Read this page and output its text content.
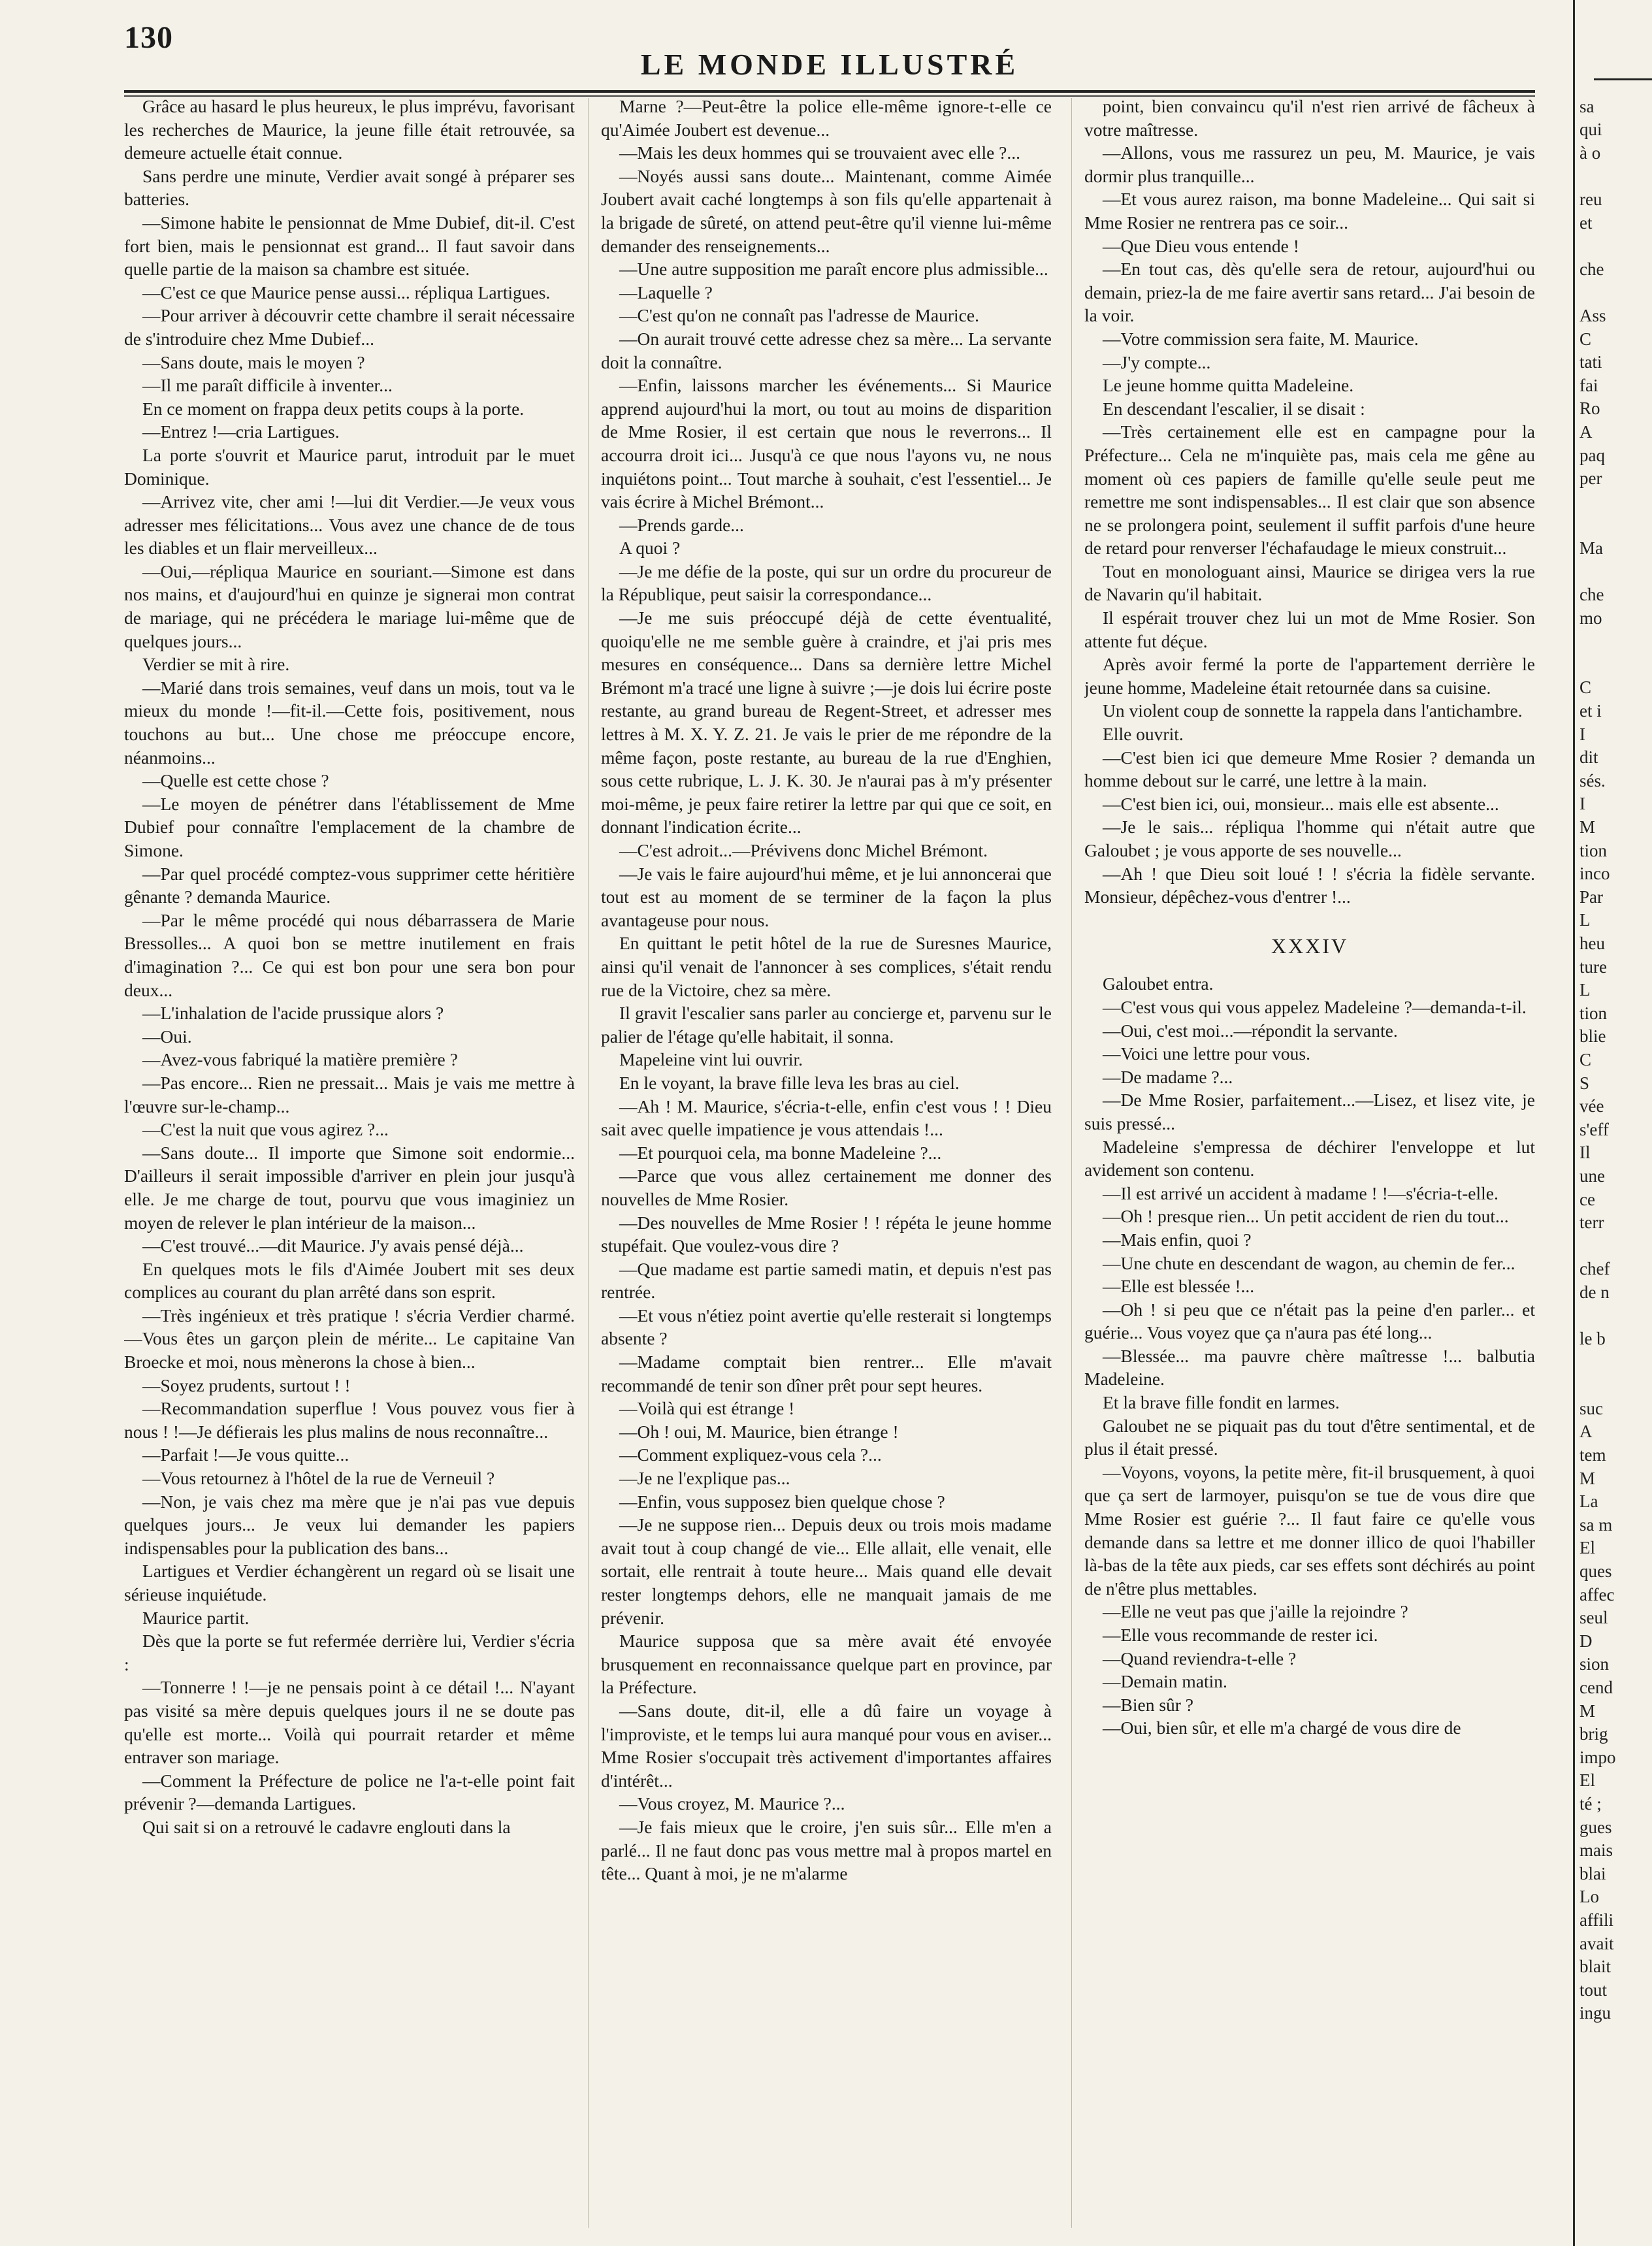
130
LE MONDE ILLUSTRÉ

Grâce au hasard le plus heureux, le plus imprévu, favorisant les recherches de Maurice, la jeune fille était retrouvée, sa demeure actuelle était connue.

Sans perdre une minute, Verdier avait songé à préparer ses batteries.

—Simone habite le pensionnat de Mme Dubief, dit-il. C'est fort bien, mais le pensionnat est grand... Il faut savoir dans quelle partie de la maison sa chambre est située.

—C'est ce que Maurice pense aussi... répliqua Lartigues.

—Pour arriver à découvrir cette chambre il serait nécessaire de s'introduire chez Mme Dubief...

—Sans doute, mais le moyen ?

—Il me paraît difficile à inventer...

En ce moment on frappa deux petits coups à la porte.

—Entrez !—cria Lartigues.

La porte s'ouvrit et Maurice parut, introduit par le muet Dominique.

—Arrivez vite, cher ami !—lui dit Verdier.—Je veux vous adresser mes félicitations... Vous avez une chance de de tous les diables et un flair merveilleux...

—Oui,—répliqua Maurice en souriant.—Simone est dans nos mains, et d'aujourd'hui en quinze je signerai mon contrat de mariage, qui ne précédera le mariage lui-même que de quelques jours...

Verdier se mit à rire.

—Marié dans trois semaines, veuf dans un mois, tout va le mieux du monde !—fit-il.—Cette fois, positivement, nous touchons au but... Une chose me préoccupe encore, néanmoins...

—Quelle est cette chose ?

—Le moyen de pénétrer dans l'établissement de Mme Dubief pour connaître l'emplacement de la chambre de Simone.

—Par quel procédé comptez-vous supprimer cette héritière gênante ? demanda Maurice.

—Par le même procédé qui nous débarrassera de Marie Bressolles... A quoi bon se mettre inutilement en frais d'imagination ?... Ce qui est bon pour une sera bon pour deux...

—L'inhalation de l'acide prussique alors ?

—Oui.

—Avez-vous fabriqué la matière première ?

—Pas encore... Rien ne pressait... Mais je vais me mettre à l'œuvre sur-le-champ...

—C'est la nuit que vous agirez ?...

—Sans doute... Il importe que Simone soit endormie... D'ailleurs il serait impossible d'arriver en plein jour jusqu'à elle. Je me charge de tout, pourvu que vous imaginiez un moyen de relever le plan intérieur de la maison...

—C'est trouvé...—dit Maurice. J'y avais pensé déjà...

En quelques mots le fils d'Aimée Joubert mit ses deux complices au courant du plan arrêté dans son esprit.

—Très ingénieux et très pratique ! s'écria Verdier charmé.—Vous êtes un garçon plein de mérite... Le capitaine Van Broecke et moi, nous mènerons la chose à bien...

—Soyez prudents, surtout ! !

—Recommandation superflue ! Vous pouvez vous fier à nous ! !—Je défierais les plus malins de nous reconnaître...

—Parfait !—Je vous quitte...

—Vous retournez à l'hôtel de la rue de Verneuil ?

—Non, je vais chez ma mère que je n'ai pas vue depuis quelques jours... Je veux lui demander les papiers indispensables pour la publication des bans...

Lartigues et Verdier échangèrent un regard où se lisait une sérieuse inquiétude.

Maurice partit.

Dès que la porte se fut refermée derrière lui, Verdier s'écria :

—Tonnerre ! !—je ne pensais point à ce détail !... N'ayant pas visité sa mère depuis quelques jours il ne se doute pas qu'elle est morte... Voilà qui pourrait retarder et même entraver son mariage.

—Comment la Préfecture de police ne l'a-t-elle point fait prévenir ?—demanda Lartigues.

Qui sait si on a retrouvé le cadavre englouti dans la

Marne ?—Peut-être la police elle-même ignore-t-elle ce qu'Aimée Joubert est devenue...

—Mais les deux hommes qui se trouvaient avec elle ?...

—Noyés aussi sans doute... Maintenant, comme Aimée Joubert avait caché longtemps à son fils qu'elle appartenait à la brigade de sûreté, on attend peut-être qu'il vienne lui-même demander des renseignements...

—Une autre supposition me paraît encore plus admissible...

—Laquelle ?

—C'est qu'on ne connaît pas l'adresse de Maurice.

—On aurait trouvé cette adresse chez sa mère... La servante doit la connaître.

—Enfin, laissons marcher les événements... Si Maurice apprend aujourd'hui la mort, ou tout au moins de disparition de Mme Rosier, il est certain que nous le reverrons... Il accourra droit ici... Jusqu'à ce que nous l'ayons vu, ne nous inquiétons point... Tout marche à souhait, c'est l'essentiel... Je vais écrire à Michel Brémont...

—Prends garde...

A quoi ?

—Je me défie de la poste, qui sur un ordre du procureur de la République, peut saisir la correspondance...

—Je me suis préoccupé déjà de cette éventualité, quoiqu'elle ne me semble guère à craindre, et j'ai pris mes mesures en conséquence... Dans sa dernière lettre Michel Brémont m'a tracé une ligne à suivre ;—je dois lui écrire poste restante, au grand bureau de Regent-Street, et adresser mes lettres à M. X. Y. Z. 21. Je vais le prier de me répondre de la même façon, poste restante, au bureau de la rue d'Enghien, sous cette rubrique, L. J. K. 30. Je n'aurai pas à m'y présenter moi-même, je peux faire retirer la lettre par qui que ce soit, en donnant l'indication écrite...

—C'est adroit...—Prévivens donc Michel Brémont.

—Je vais le faire aujourd'hui même, et je lui annoncerai que tout est au moment de se terminer de la façon la plus avantageuse pour nous.

En quittant le petit hôtel de la rue de Suresnes Maurice, ainsi qu'il venait de l'annoncer à ses complices, s'était rendu rue de la Victoire, chez sa mère.

Il gravit l'escalier sans parler au concierge et, parvenu sur le palier de l'étage qu'elle habitait, il sonna.

Mapeleine vint lui ouvrir.

En le voyant, la brave fille leva les bras au ciel.

—Ah ! M. Maurice, s'écria-t-elle, enfin c'est vous ! ! Dieu sait avec quelle impatience je vous attendais !...

—Et pourquoi cela, ma bonne Madeleine ?...

—Parce que vous allez certainement me donner des nouvelles de Mme Rosier.

—Des nouvelles de Mme Rosier ! ! répéta le jeune homme stupéfait. Que voulez-vous dire ?

—Que madame est partie samedi matin, et depuis n'est pas rentrée.

—Et vous n'étiez point avertie qu'elle resterait si longtemps absente ?

—Madame comptait bien rentrer... Elle m'avait recommandé de tenir son dîner prêt pour sept heures.

—Voilà qui est étrange !

—Oh ! oui, M. Maurice, bien étrange !

—Comment expliquez-vous cela ?...

—Je ne l'explique pas...

—Enfin, vous supposez bien quelque chose ?

—Je ne suppose rien... Depuis deux ou trois mois madame avait tout à coup changé de vie... Elle allait, elle venait, elle sortait, elle rentrait à toute heure... Mais quand elle devait rester longtemps dehors, elle ne manquait jamais de me prévenir.

Maurice supposa que sa mère avait été envoyée brusquement en reconnaissance quelque part en province, par la Préfecture.

—Sans doute, dit-il, elle a dû faire un voyage à l'improviste, et le temps lui aura manqué pour vous en aviser... Mme Rosier s'occupait très activement d'importantes affaires d'intérêt...

—Vous croyez, M. Maurice ?...

—Je fais mieux que le croire, j'en suis sûr... Elle m'en a parlé... Il ne faut donc pas vous mettre mal à propos martel en tête... Quant à moi, je ne m'alarme

point, bien convaincu qu'il n'est rien arrivé de fâcheux à votre maîtresse.

—Allons, vous me rassurez un peu, M. Maurice, je vais dormir plus tranquille...

—Et vous aurez raison, ma bonne Madeleine... Qui sait si Mme Rosier ne rentrera pas ce soir...

—Que Dieu vous entende !

—En tout cas, dès qu'elle sera de retour, aujourd'hui ou demain, priez-la de me faire avertir sans retard... J'ai besoin de la voir.

—Votre commission sera faite, M. Maurice.

—J'y compte...

Le jeune homme quitta Madeleine.

En descendant l'escalier, il se disait :

—Très certainement elle est en campagne pour la Préfecture... Cela ne m'inquiète pas, mais cela me gêne au moment où ces papiers de famille qu'elle seule peut me remettre me sont indispensables... Il est clair que son absence ne se prolongera point, seulement il suffit parfois d'une heure de retard pour renverser l'échafaudage le mieux construit...

Tout en monologuant ainsi, Maurice se dirigea vers la rue de Navarin qu'il habitait.

Il espérait trouver chez lui un mot de Mme Rosier. Son attente fut déçue.

Après avoir fermé la porte de l'appartement derrière le jeune homme, Madeleine était retournée dans sa cuisine.

Un violent coup de sonnette la rappela dans l'antichambre.

Elle ouvrit.

—C'est bien ici que demeure Mme Rosier ? demanda un homme debout sur le carré, une lettre à la main.

—C'est bien ici, oui, monsieur... mais elle est absente...

—Je le sais... répliqua l'homme qui n'était autre que Galoubet ; je vous apporte de ses nouvelle...

—Ah ! que Dieu soit loué ! ! s'écria la fidèle servante. Monsieur, dépêchez-vous d'entrer !...

XXXIV

Galoubet entra.

—C'est vous qui vous appelez Madeleine ?—demanda-t-il.

—Oui, c'est moi...—répondit la servante.

—Voici une lettre pour vous.

—De madame ?...

—De Mme Rosier, parfaitement...—Lisez, et lisez vite, je suis pressé...

Madeleine s'empressa de déchirer l'enveloppe et lut avidement son contenu.

—Il est arrivé un accident à madame ! !—s'écria-t-elle.

—Oh ! presque rien... Un petit accident de rien du tout...

—Mais enfin, quoi ?

—Une chute en descendant de wagon, au chemin de fer...

—Elle est blessée !...

—Oh ! si peu que ce n'était pas la peine d'en parler... et guérie... Vous voyez que ça n'aura pas été long...

—Blessée... ma pauvre chère maîtresse !... balbutia Madeleine.

Et la brave fille fondit en larmes.

Galoubet ne se piquait pas du tout d'être sentimental, et de plus il était pressé.

—Voyons, voyons, la petite mère, fit-il brusquement, à quoi que ça sert de larmoyer, puisqu'on se tue de vous dire que Mme Rosier est guérie ?... Il faut faire ce qu'elle vous demande dans sa lettre et me donner illico de quoi l'habiller là-bas de la tête aux pieds, car ses effets sont déchirés au point de n'être plus mettables.

—Elle ne veut pas que j'aille la rejoindre ?

—Elle vous recommande de rester ici.

—Quand reviendra-t-elle ?

—Demain matin.

—Bien sûr ?

—Oui, bien sûr, et elle m'a chargé de vous dire de

sa
qui
à o
reu
et
che
Ass
C
tati
fai
Ro
A
paq
per
Ma
che
mo
C
et i
I
dit
sés.
I
M
tion
inco
Par
L
heu
ture
L
tion
blie
C
S
vée
s'eff
Il
une
ce
terr
chef
de n
le b
suc
A
tem
M
La
sa m
El
ques
affec
seul
D
sion
cend
M
brig
impo
El
té ;
gues
mais
blai
Lo
affili
avait
blait
tout
ingu
